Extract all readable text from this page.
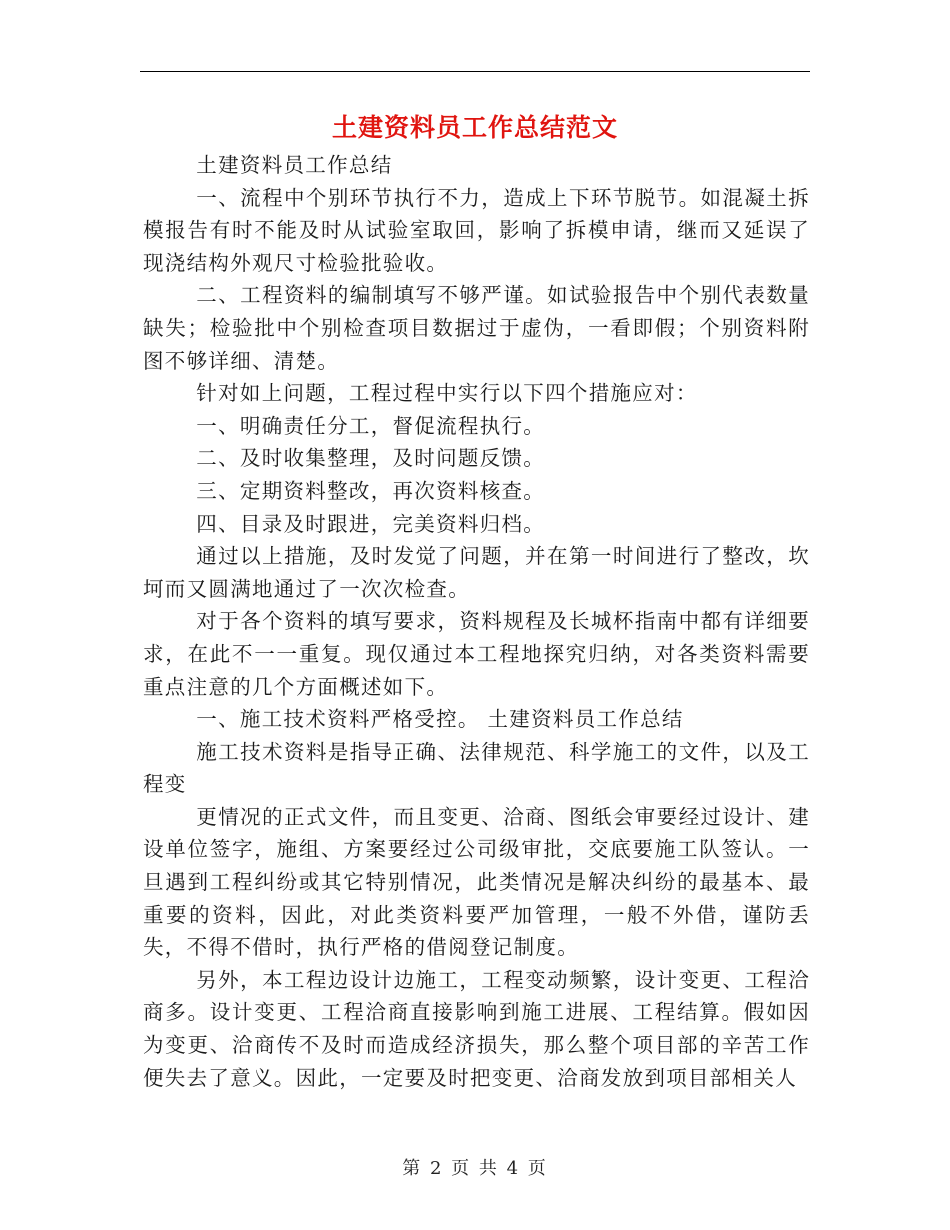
土建资料员工作总结范文

土建资料员工作总结

一、流程中个别环节执行不力，造成上下环节脱节。如混凝土拆模报告有时不能及时从试验室取回，影响了拆模申请，继而又延误了现浇结构外观尺寸检验批验收。

二、工程资料的编制填写不够严谨。如试验报告中个别代表数量缺失；检验批中个别检查项目数据过于虚伪，一看即假；个别资料附图不够详细、清楚。

针对如上问题，工程过程中实行以下四个措施应对：

一、明确责任分工，督促流程执行。

二、及时收集整理，及时问题反馈。

三、定期资料整改，再次资料核查。

四、目录及时跟进，完美资料归档。

通过以上措施，及时发觉了问题，并在第一时间进行了整改，坎坷而又圆满地通过了一次次检查。

对于各个资料的填写要求，资料规程及长城杯指南中都有详细要求，在此不一一重复。现仅通过本工程地探究归纳，对各类资料需要重点注意的几个方面概述如下。

一、施工技术资料严格受控。 土建资料员工作总结

施工技术资料是指导正确、法律规范、科学施工的文件，以及工程变

更情况的正式文件，而且变更、洽商、图纸会审要经过设计、建设单位签字，施组、方案要经过公司级审批，交底要施工队签认。一旦遇到工程纠纷或其它特别情况，此类情况是解决纠纷的最基本、最重要的资料，因此，对此类资料要严加管理，一般不外借，谨防丢失，不得不借时，执行严格的借阅登记制度。

另外，本工程边设计边施工，工程变动频繁，设计变更、工程洽商多。设计变更、工程洽商直接影响到施工进展、工程结算。假如因为变更、洽商传不及时而造成经济损失，那么整个项目部的辛苦工作便失去了意义。因此，一定要及时把变更、洽商发放到项目部相关人

第 2 页 共 4 页
